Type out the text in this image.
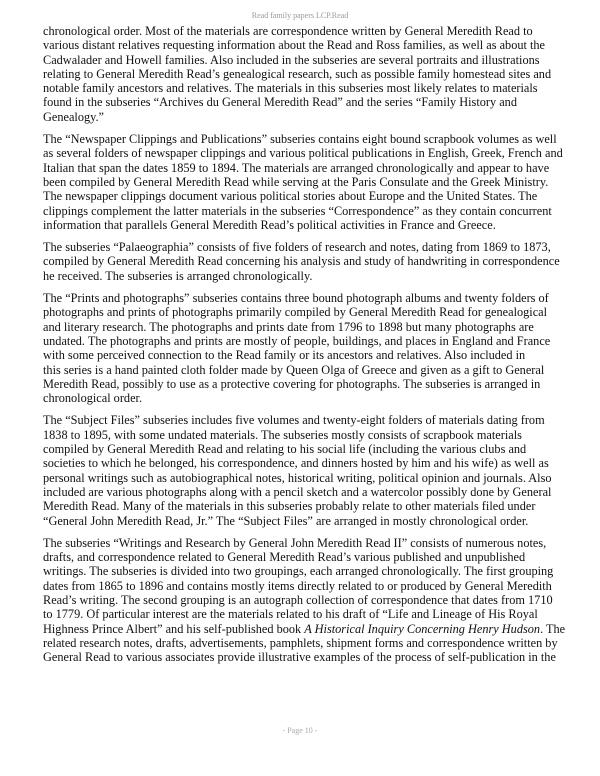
Read family papers LCP.Read

chronological order. Most of the materials are correspondence written by General Meredith Read to
various distant relatives requesting information about the Read and Ross families, as well as about the
Cadwalader and Howell families. Also included in the subseries are several portraits and illustrations
relating to General Meredith Read’s genealogical research, such as possible family homestead sites and
notable family ancestors and relatives. The materials in this subseries most likely relates to materials
found in the subseries “Archives du General Meredith Read” and the series “Family History and
Genealogy.”

The “Newspaper Clippings and Publications” subseries contains eight bound scrapbook volumes as well
as several folders of newspaper clippings and various political publications in English, Greek, French and
Italian that span the dates 1859 to 1894. The materials are arranged chronologically and appear to have
been compiled by General Meredith Read while serving at the Paris Consulate and the Greek Ministry.
The newspaper clippings document various political stories about Europe and the United States. The
clippings complement the latter materials in the subseries “Correspondence” as they contain concurrent
information that parallels General Meredith Read’s political activities in France and Greece.

The subseries “Palaeographia” consists of five folders of research and notes, dating from 1869 to 1873,
compiled by General Meredith Read concerning his analysis and study of handwriting in correspondence
he received. The subseries is arranged chronologically.

The “Prints and photographs” subseries contains three bound photograph albums and twenty folders of
photographs and prints of photographs primarily compiled by General Meredith Read for genealogical
and literary research. The photographs and prints date from 1796 to 1898 but many photographs are
undated. The photographs and prints are mostly of people, buildings, and places in England and France
with some perceived connection to the Read family or its ancestors and relatives. Also included in
this series is a hand painted cloth folder made by Queen Olga of Greece and given as a gift to General
Meredith Read, possibly to use as a protective covering for photographs. The subseries is arranged in
chronological order.

The “Subject Files” subseries includes five volumes and twenty-eight folders of materials dating from
1838 to 1895, with some undated materials. The subseries mostly consists of scrapbook materials
compiled by General Meredith Read and relating to his social life (including the various clubs and
societies to which he belonged, his correspondence, and dinners hosted by him and his wife) as well as
personal writings such as autobiographical notes, historical writing, political opinion and journals. Also
included are various photographs along with a pencil sketch and a watercolor possibly done by General
Meredith Read. Many of the materials in this subseries probably relate to other materials filed under
“General John Meredith Read, Jr.” The “Subject Files” are arranged in mostly chronological order.

The subseries “Writings and Research by General John Meredith Read II” consists of numerous notes,
drafts, and correspondence related to General Meredith Read’s various published and unpublished
writings. The subseries is divided into two groupings, each arranged chronologically. The first grouping
dates from 1865 to 1896 and contains mostly items directly related to or produced by General Meredith
Read’s writing. The second grouping is an autograph collection of correspondence that dates from 1710
to 1779. Of particular interest are the materials related to his draft of “Life and Lineage of His Royal
Highness Prince Albert” and his self-published book A Historical Inquiry Concerning Henry Hudson. The
related research notes, drafts, advertisements, pamphlets, shipment forms and correspondence written by
General Read to various associates provide illustrative examples of the process of self-publication in the

- Page 10 -
